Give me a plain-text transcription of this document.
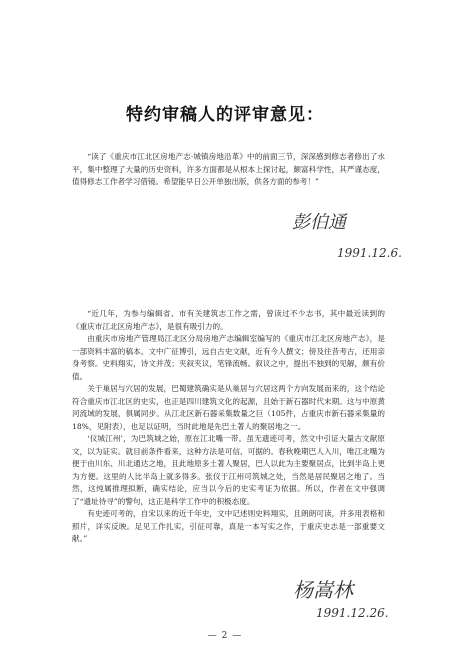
特约审稿人的评审意见：

“读了《重庆市江北区房地产志·城镇房地沿革》中的前面三节，深深感到修志者修出了水平，集中整理了大量的历史资料，许多方面都是从根本上探讨起，颇富科学性，其严谨态度，值得修志工作者学习借镜。希望能早日公开单独出版，供各方面的参考！”

彭伯通
1991.12.6.

“近几年，为参与编辑省、市有关建筑志工作之需，曾读过不少志书，其中最近读到的《重庆市江北区房地产志》，是很有吸引力的。

由重庆市房地产管理局江北区分局房地产志编辑室编写的《重庆市江北区房地产志》，是一部资料丰富的稿本。文中广征博引，远自古史文献，近有今人撰文；傍及往昔考古，还用亲身考察。史料翔实，诗文并茂；夹叙夹议，笔锋流畅。叙议之中，提出不独到的见解，颇有价值。

关于巢居与穴居的发展，巴蜀建筑确实是从巢居与穴居这两个方向发展而来的，这个结论符合重庆市江北区的史实，也正是四川建筑文化的起源，且始于新石器时代末期。这与中原黄河流域的发展，俱属同步。从江北区新石器采集数量之巨（105件，占重庆市新石器采集量的18%，见附表），也足以证明，当时此地是先巴土著人的聚居地之一。

‘仪城江州’，为巴筑城之始，原在江北嘴一带。虽无遗迹可考，然文中引证大量古文献原文，以为证实。就目前条件看来，这种方法是可信、可据的。春秋晚期巴人入川，唯江北嘴为便于由川东、川北通达之地，且此地原多土著人聚居，巴人以此为主要聚居点，比到半岛上更为方便。这里的人比半岛上就多得多。张仪于江州可筑城之处，当然是居民聚居之地了。当然，这纯属推理拟断，确实结论，应当以今后的史实考证为依据。所以，作者在文中强调了“遗址待寻”的警句，这正是科学工作中的积极态度。

有史迹可考的，自宋以来的近千年史，文中记述则史料翔实，且朗朗可读，并多用表格和照片，详实反映。足见工作扎实，引征可靠，真是一本写实之作，于重庆史志是一部重要文献。”

杨嵩林
1991.12.26.
— 2 —
